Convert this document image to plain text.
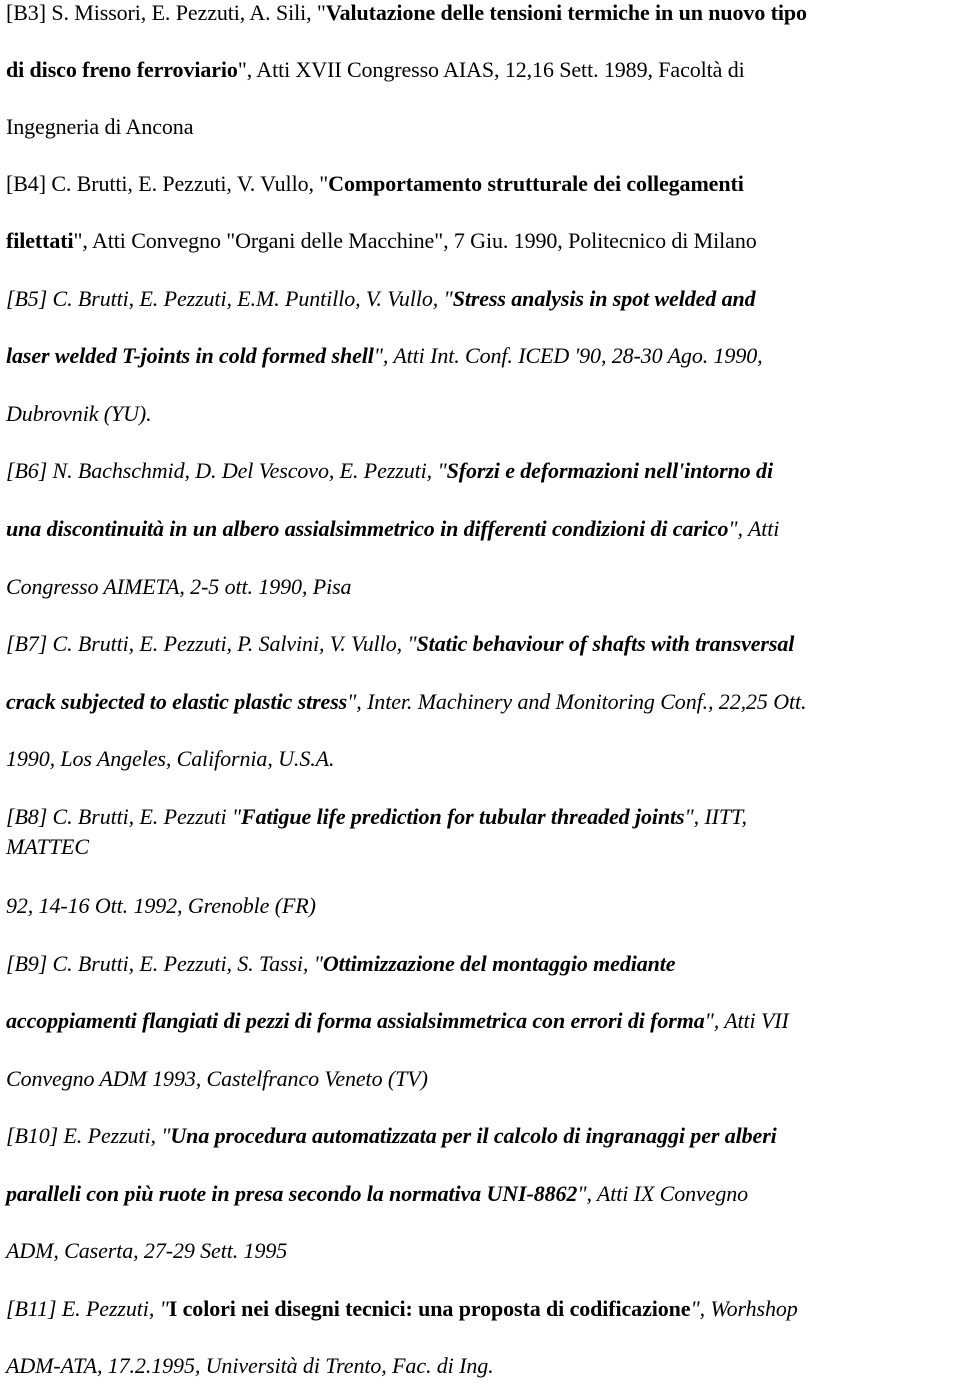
[B3] S. Missori, E. Pezzuti, A. Sili, "Valutazione delle tensioni termiche in un nuovo tipo
di disco freno ferroviario", Atti XVII Congresso AIAS, 12,16 Sett. 1989, Facoltà di
Ingegneria di Ancona
[B4] C. Brutti, E. Pezzuti, V. Vullo, "Comportamento strutturale dei collegamenti
filettati", Atti Convegno "Organi delle Macchine", 7 Giu. 1990, Politecnico di Milano
[B5] C. Brutti, E. Pezzuti, E.M. Puntillo, V. Vullo, "Stress analysis in spot welded and
laser welded T-joints in cold formed shell", Atti Int. Conf. ICED '90, 28-30 Ago. 1990,
Dubrovnik (YU).
[B6] N. Bachschmid, D. Del Vescovo, E. Pezzuti, "Sforzi e deformazioni nell'intorno di
una discontinuità in un albero assialsimmetrico in differenti condizioni di carico", Atti
Congresso AIMETA, 2-5 ott. 1990, Pisa
[B7] C. Brutti, E. Pezzuti, P. Salvini, V. Vullo, "Static behaviour of shafts with transversal
crack subjected to elastic plastic stress", Inter. Machinery and Monitoring Conf., 22,25 Ott.
1990, Los Angeles, California, U.S.A.
[B8] C. Brutti, E. Pezzuti "Fatigue life prediction for tubular threaded joints", IITT,
MATTEC
92, 14-16 Ott. 1992, Grenoble (FR)
[B9] C. Brutti, E. Pezzuti, S. Tassi, "Ottimizzazione del montaggio mediante
accoppiamenti flangiati di pezzi di forma assialsimmetrica con errori di forma", Atti VII
Convegno ADM 1993, Castelfranco Veneto (TV)
[B10] E. Pezzuti, "Una procedura automatizzata per il calcolo di ingranaggi per alberi
paralleli con più ruote in presa secondo la normativa UNI-8862", Atti IX Convegno
ADM, Caserta, 27-29 Sett. 1995
[B11] E. Pezzuti, "I colori nei disegni tecnici: una proposta di codificazione", Worhshop
ADM-ATA, 17.2.1995, Università di Trento, Fac. di Ing.
